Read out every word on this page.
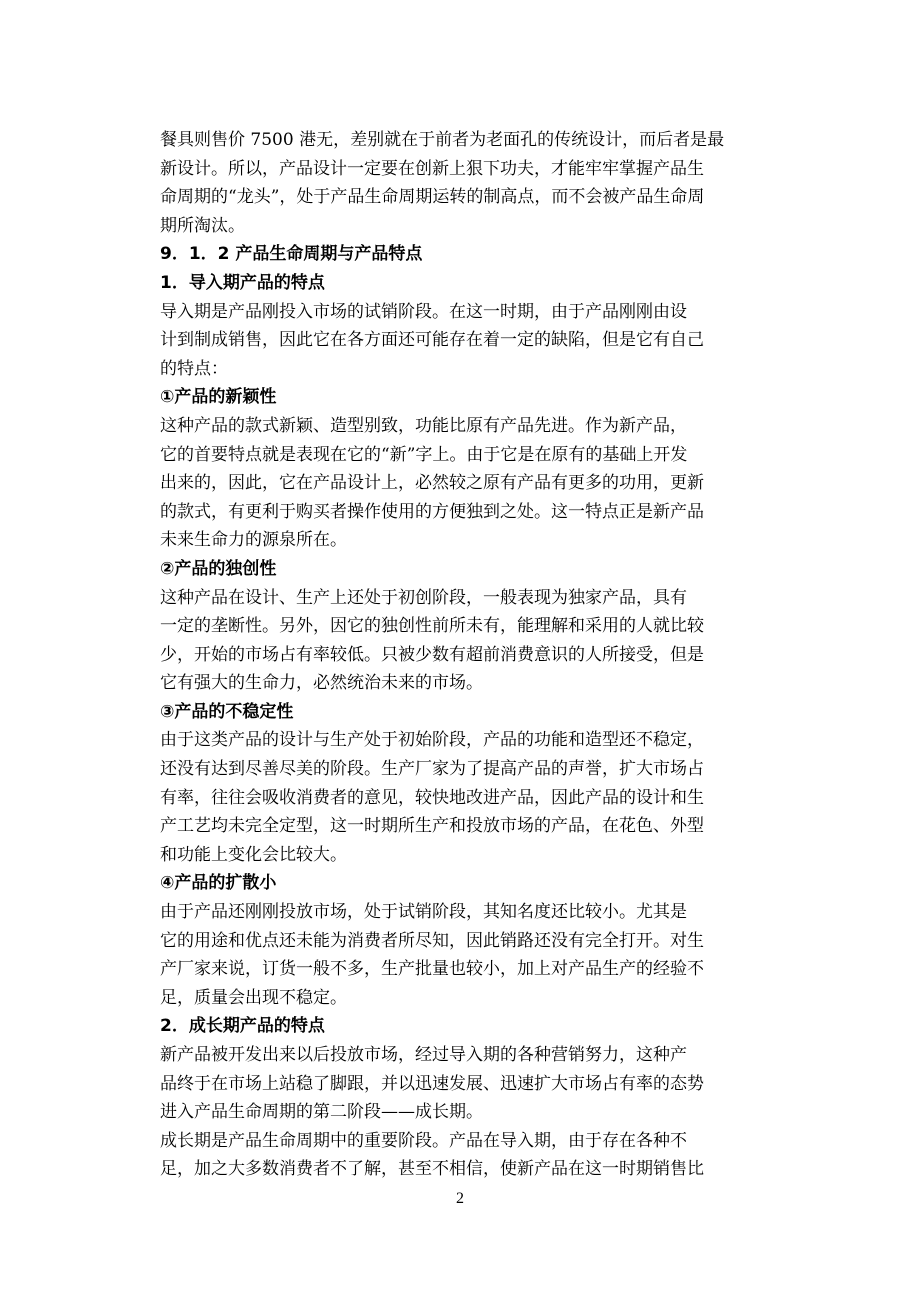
餐具则售价 7500 港无，差别就在于前者为老面孔的传统设计，而后者是最
新设计。所以，产品设计一定要在创新上狠下功夫，才能牢牢掌握产品生
命周期的“龙头”，处于产品生命周期运转的制高点，而不会被产品生命周
期所淘汰。
9．1．2 产品生命周期与产品特点
1．导入期产品的特点
导入期是产品刚投入市场的试销阶段。在这一时期，由于产品刚刚由设
计到制成销售，因此它在各方面还可能存在着一定的缺陷，但是它有自己
的特点：
①产品的新颖性
这种产品的款式新颖、造型别致，功能比原有产品先进。作为新产品，
它的首要特点就是表现在它的“新”字上。由于它是在原有的基础上开发
出来的，因此，它在产品设计上，必然较之原有产品有更多的功用，更新
的款式，有更利于购买者操作使用的方便独到之处。这一特点正是新产品
未来生命力的源泉所在。
②产品的独创性
这种产品在设计、生产上还处于初创阶段，一般表现为独家产品，具有
一定的垄断性。另外，因它的独创性前所未有，能理解和采用的人就比较
少，开始的市场占有率较低。只被少数有超前消费意识的人所接受，但是
它有强大的生命力，必然统治未来的市场。
③产品的不稳定性
由于这类产品的设计与生产处于初始阶段，产品的功能和造型还不稳定，
还没有达到尽善尽美的阶段。生产厂家为了提高产品的声誉，扩大市场占
有率，往往会吸收消费者的意见，较快地改进产品，因此产品的设计和生
产工艺均未完全定型，这一时期所生产和投放市场的产品，在花色、外型
和功能上变化会比较大。
④产品的扩散小
由于产品还刚刚投放市场，处于试销阶段，其知名度还比较小。尤其是
它的用途和优点还未能为消费者所尽知，因此销路还没有完全打开。对生
产厂家来说，订货一般不多，生产批量也较小，加上对产品生产的经验不
足，质量会出现不稳定。
2．成长期产品的特点
新产品被开发出来以后投放市场，经过导入期的各种营销努力，这种产
品终于在市场上站稳了脚跟，并以迅速发展、迅速扩大市场占有率的态势
进入产品生命周期的第二阶段——成长期。
成长期是产品生命周期中的重要阶段。产品在导入期，由于存在各种不
足，加之大多数消费者不了解，甚至不相信，使新产品在这一时期销售比
2
